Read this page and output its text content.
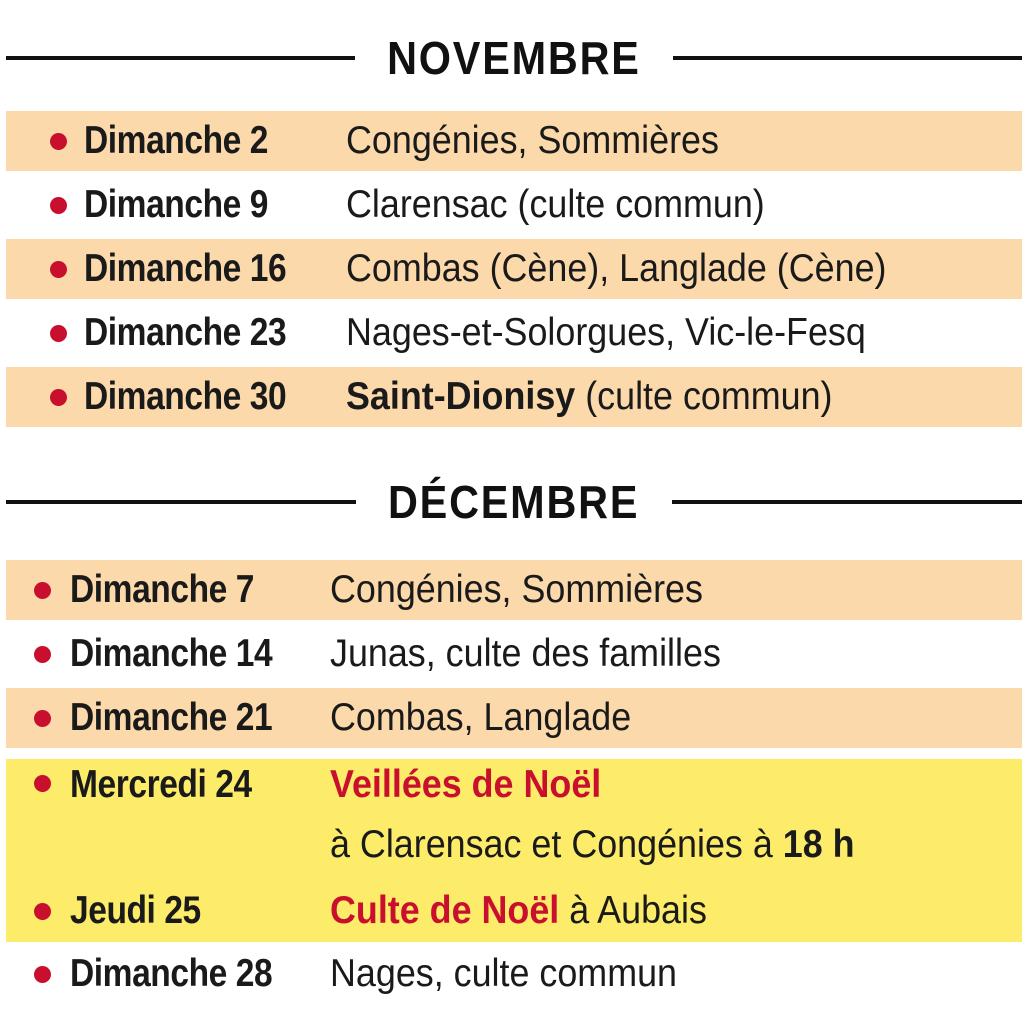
NOVEMBRE
Dimanche 2 Congénies, Sommières
Dimanche 9 Clarensac (culte commun)
Dimanche 16 Combas (Cène), Langlade (Cène)
Dimanche 23 Nages-et-Solorgues, Vic-le-Fesq
Dimanche 30 Saint-Dionisy (culte commun)
DÉCEMBRE
Dimanche 7 Congénies, Sommières
Dimanche 14 Junas, culte des familles
Dimanche 21 Combas, Langlade
Mercredi 24 Veillées de Noël
à Clarensac et Congénies à 18 h
Jeudi 25	Culte de Noël à Aubais
Dimanche 28 Nages, culte commun
